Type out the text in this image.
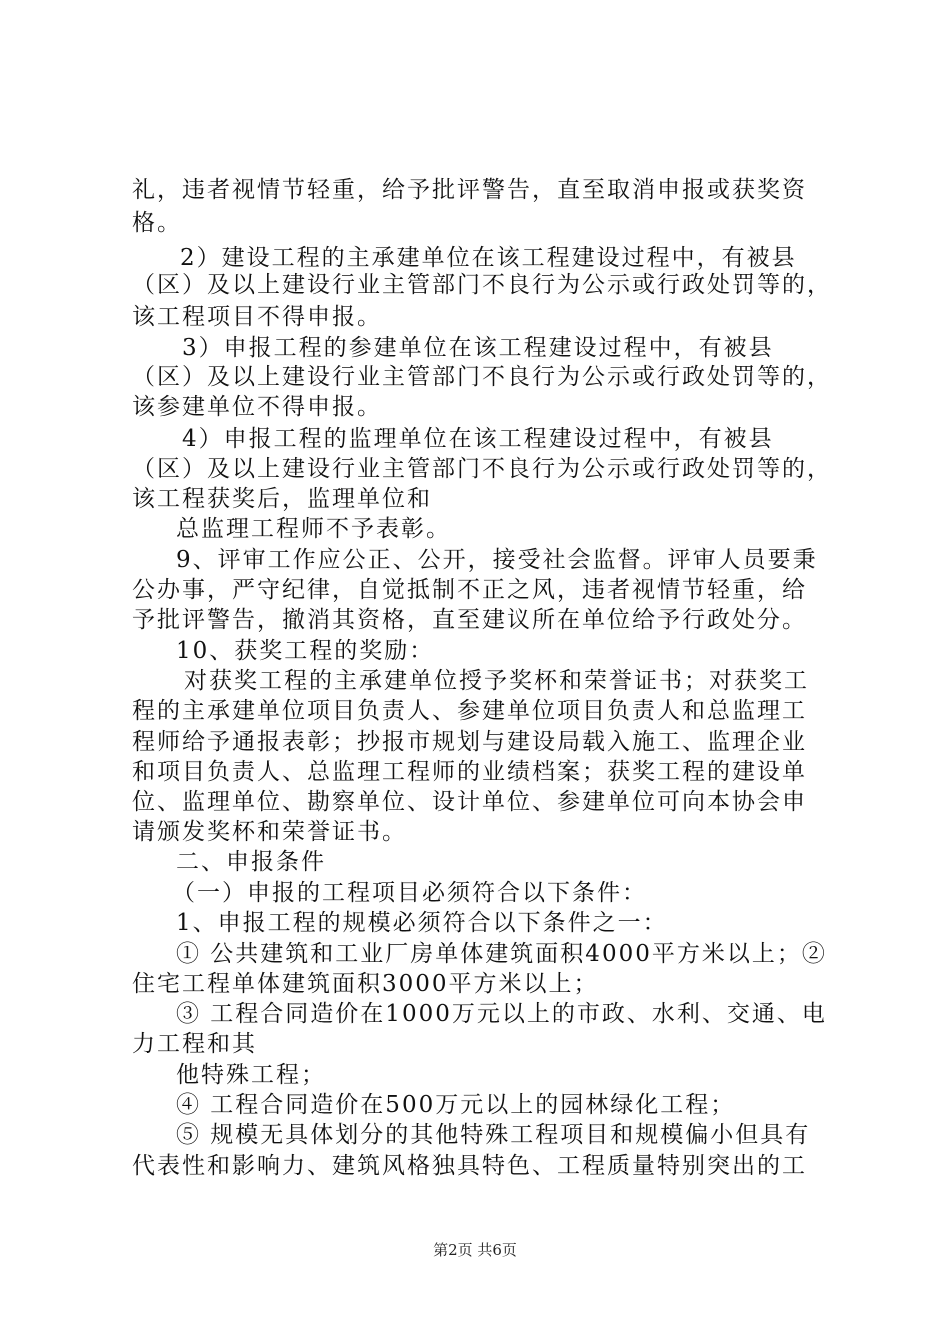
礼，违者视情节轻重，给予批评警告，直至取消申报或获奖资
格。
2）建设工程的主承建单位在该工程建设过程中，有被县
（区）及以上建设行业主管部门不良行为公示或行政处罚等的，
该工程项目不得申报。
3）申报工程的参建单位在该工程建设过程中，有被县
（区）及以上建设行业主管部门不良行为公示或行政处罚等的，
该参建单位不得申报。
4）申报工程的监理单位在该工程建设过程中，有被县
（区）及以上建设行业主管部门不良行为公示或行政处罚等的，
该工程获奖后，监理单位和
总监理工程师不予表彰。
9、评审工作应公正、公开，接受社会监督。评审人员要秉
公办事，严守纪律，自觉抵制不正之风，违者视情节轻重，给
予批评警告，撤消其资格，直至建议所在单位给予行政处分。
10、获奖工程的奖励：
对获奖工程的主承建单位授予奖杯和荣誉证书；对获奖工
程的主承建单位项目负责人、参建单位项目负责人和总监理工
程师给予通报表彰；抄报市规划与建设局载入施工、监理企业
和项目负责人、总监理工程师的业绩档案；获奖工程的建设单
位、监理单位、勘察单位、设计单位、参建单位可向本协会申
请颁发奖杯和荣誉证书。
二、申报条件
（一）申报的工程项目必须符合以下条件：
1、申报工程的规模必须符合以下条件之一：
① 公共建筑和工业厂房单体建筑面积4000平方米以上；②
住宅工程单体建筑面积3000平方米以上；
③ 工程合同造价在1000万元以上的市政、水利、交通、电
力工程和其
他特殊工程；
④ 工程合同造价在500万元以上的园林绿化工程；
⑤ 规模无具体划分的其他特殊工程项目和规模偏小但具有
代表性和影响力、建筑风格独具特色、工程质量特别突出的工
第2页 共6页
